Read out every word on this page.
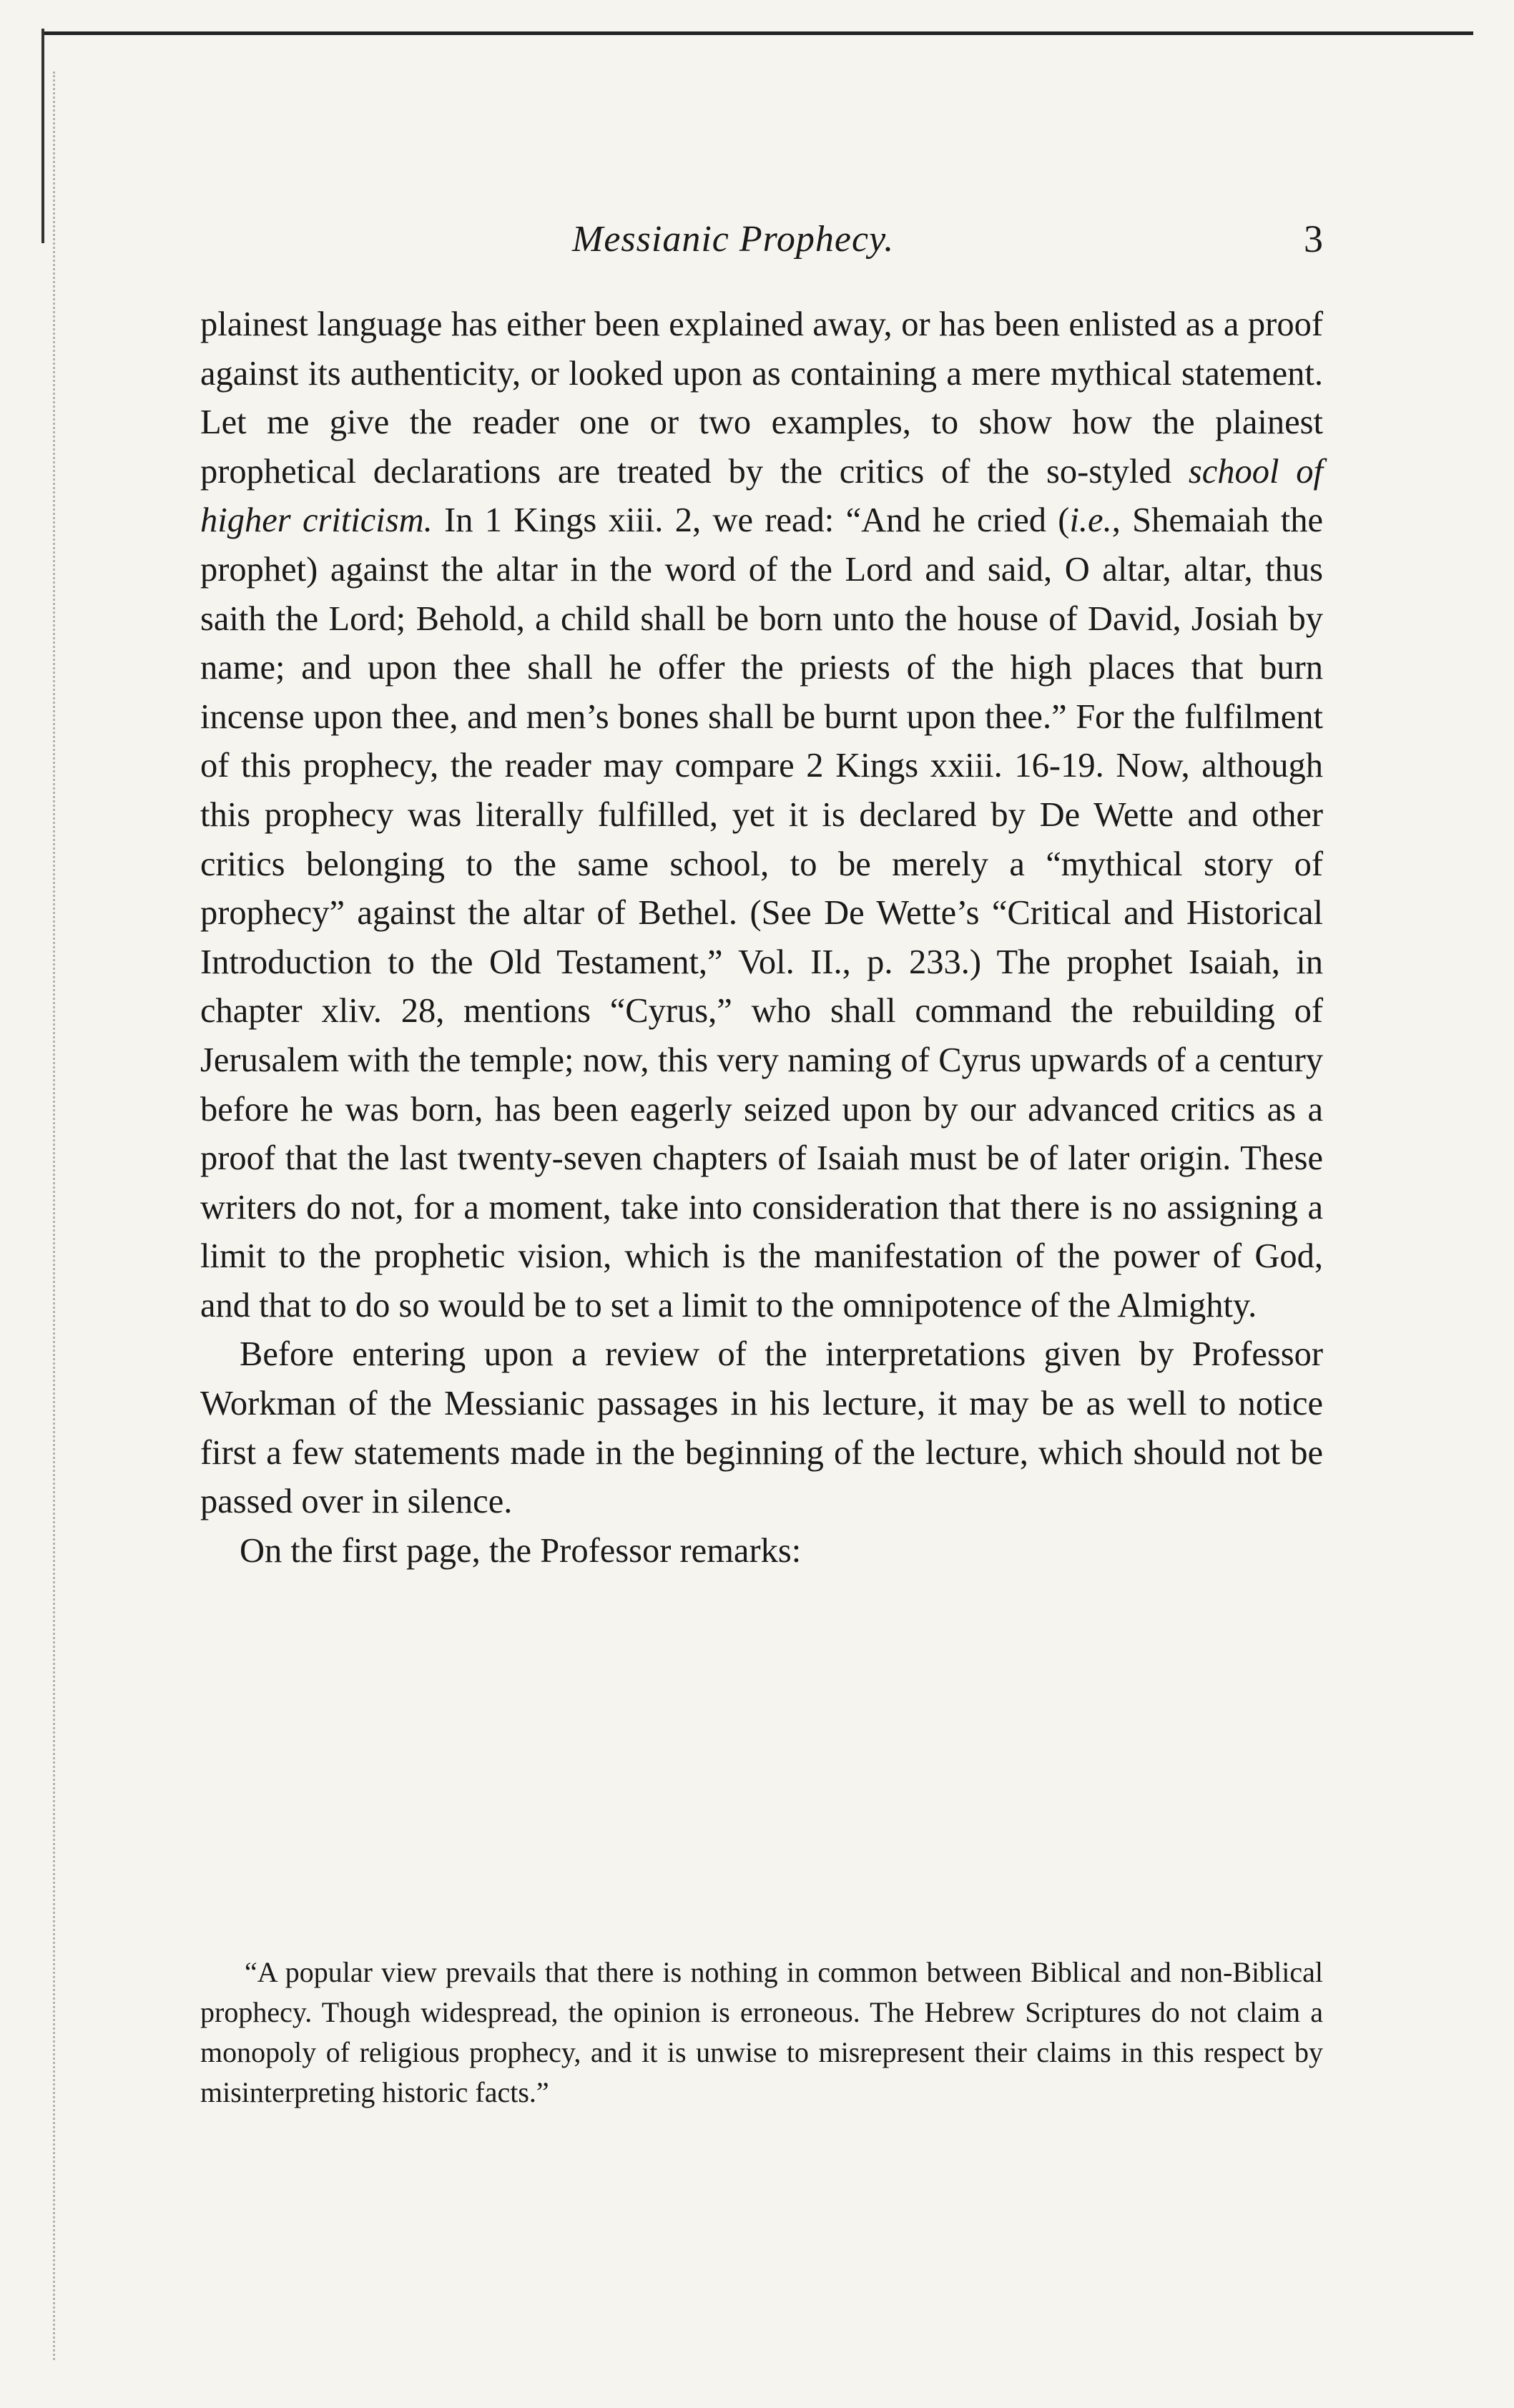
Messianic Prophecy.	3

plainest language has either been explained away, or has been enlisted as a proof against its authenticity, or looked upon as containing a mere mythical statement. Let me give the reader one or two examples, to show how the plainest prophetical declarations are treated by the critics of the so-styled school of higher criticism. In 1 Kings xiii. 2, we read: “And he cried (i.e., Shemaiah the prophet) against the altar in the word of the Lord and said, O altar, altar, thus saith the Lord; Behold, a child shall be born unto the house of David, Josiah by name; and upon thee shall he offer the priests of the high places that burn incense upon thee, and men’s bones shall be burnt upon thee.” For the fulfilment of this prophecy, the reader may compare 2 Kings xxiii. 16-19. Now, although this prophecy was literally fulfilled, yet it is declared by De Wette and other critics belonging to the same school, to be merely a “mythical story of prophecy” against the altar of Bethel. (See De Wette’s “Critical and Historical Introduction to the Old Testament,” Vol. II., p. 233.) The prophet Isaiah, in chapter xliv. 28, mentions “Cyrus,” who shall command the rebuilding of Jerusalem with the temple; now, this very naming of Cyrus upwards of a century before he was born, has been eagerly seized upon by our advanced critics as a proof that the last twenty-seven chapters of Isaiah must be of later origin. These writers do not, for a moment, take into consideration that there is no assigning a limit to the prophetic vision, which is the manifestation of the power of God, and that to do so would be to set a limit to the omnipotence of the Almighty.

Before entering upon a review of the interpretations given by Professor Workman of the Messianic passages in his lecture, it may be as well to notice first a few statements made in the beginning of the lecture, which should not be passed over in silence.

On the first page, the Professor remarks:

“A popular view prevails that there is nothing in common between Biblical and non-Biblical prophecy. Though widespread, the opinion is erroneous. The Hebrew Scriptures do not claim a monopoly of religious prophecy, and it is unwise to misrepresent their claims in this respect by misinterpreting historic facts.”
